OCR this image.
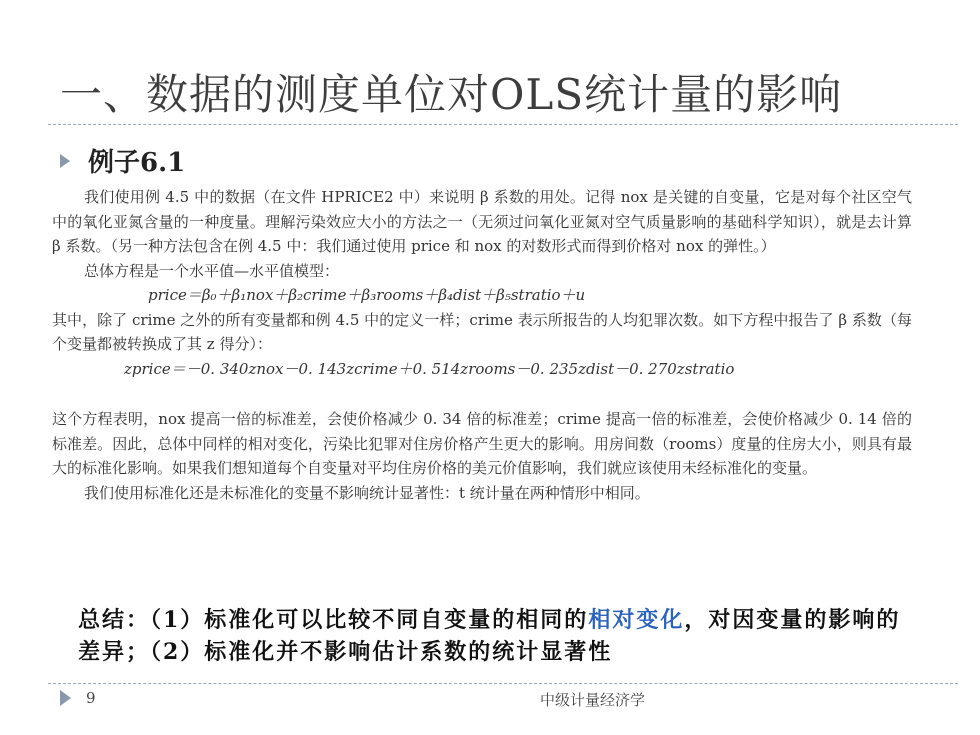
一、数据的测度单位对OLS统计量的影响
例子6.1

我们使用例 4.5 中的数据（在文件 HPRICE2 中）来说明 β 系数的用处。记得 nox 是关键的自变量，它是对每个社区空气中的氧化亚氮含量的一种度量。理解污染效应大小的方法之一（无须过问氧化亚氮对空气质量影响的基础科学知识），就是去计算 β 系数。（另一种方法包含在例 4.5 中：我们通过使用 price 和 nox 的对数形式而得到价格对 nox 的弹性。）

总体方程是一个水平值—水平值模型：

price＝β₀＋β₁nox＋β₂crime＋β₃rooms＋β₄dist＋β₅stratio＋u

其中，除了 crime 之外的所有变量都和例 4.5 中的定义一样；crime 表示所报告的人均犯罪次数。如下方程中报告了 β 系数（每个变量都被转换成了其 z 得分）：

zprice＝－0. 340znox－0. 143zcrime＋0. 514zrooms－0. 235zdist－0. 270zstratio

这个方程表明，nox 提高一倍的标准差，会使价格减少 0. 34 倍的标准差；crime 提高一倍的标准差，会使价格减少 0. 14 倍的标准差。因此，总体中同样的相对变化，污染比犯罪对住房价格产生更大的影响。用房间数（rooms）度量的住房大小，则具有最大的标准化影响。如果我们想知道每个自变量对平均住房价格的美元价值影响，我们就应该使用未经标准化的变量。

我们使用标准化还是未标准化的变量不影响统计显著性：t 统计量在两种情形中相同。

总结：（1）标准化可以比较不同自变量的相同的相对变化，对因变量的影响的差异；（2）标准化并不影响估计系数的统计显著性
9	中级计量经济学
